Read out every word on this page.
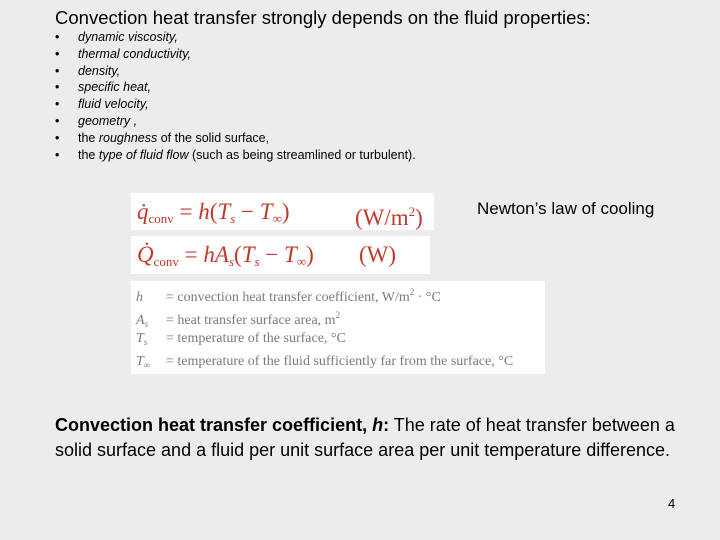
Convection heat transfer strongly depends on the fluid properties:
• dynamic viscosity,
• thermal conductivity,
• density,
• specific heat,
• fluid velocity,
• geometry ,
• the roughness of the solid surface,
• the type of fluid flow (such as being streamlined or turbulent).
$q̇_{conv} = h(T_s - T_\infty)$	$(W/m^2)$
$Q̇_{conv} = hA_s(T_s - T_\infty)$ (W)
Newton’s law of cooling
h = convection heat transfer coefficient, $W/m^2 \cdot ^\circ C$
$A_s$ = heat transfer surface area, $m^2$
$T_s$ = temperature of the surface, °C
$T_\infty$ = temperature of the fluid sufficiently far from the surface, °C
Convection heat transfer coefficient, h: The rate of heat transfer between a solid surface and a fluid per unit surface area per unit temperature difference.
4
